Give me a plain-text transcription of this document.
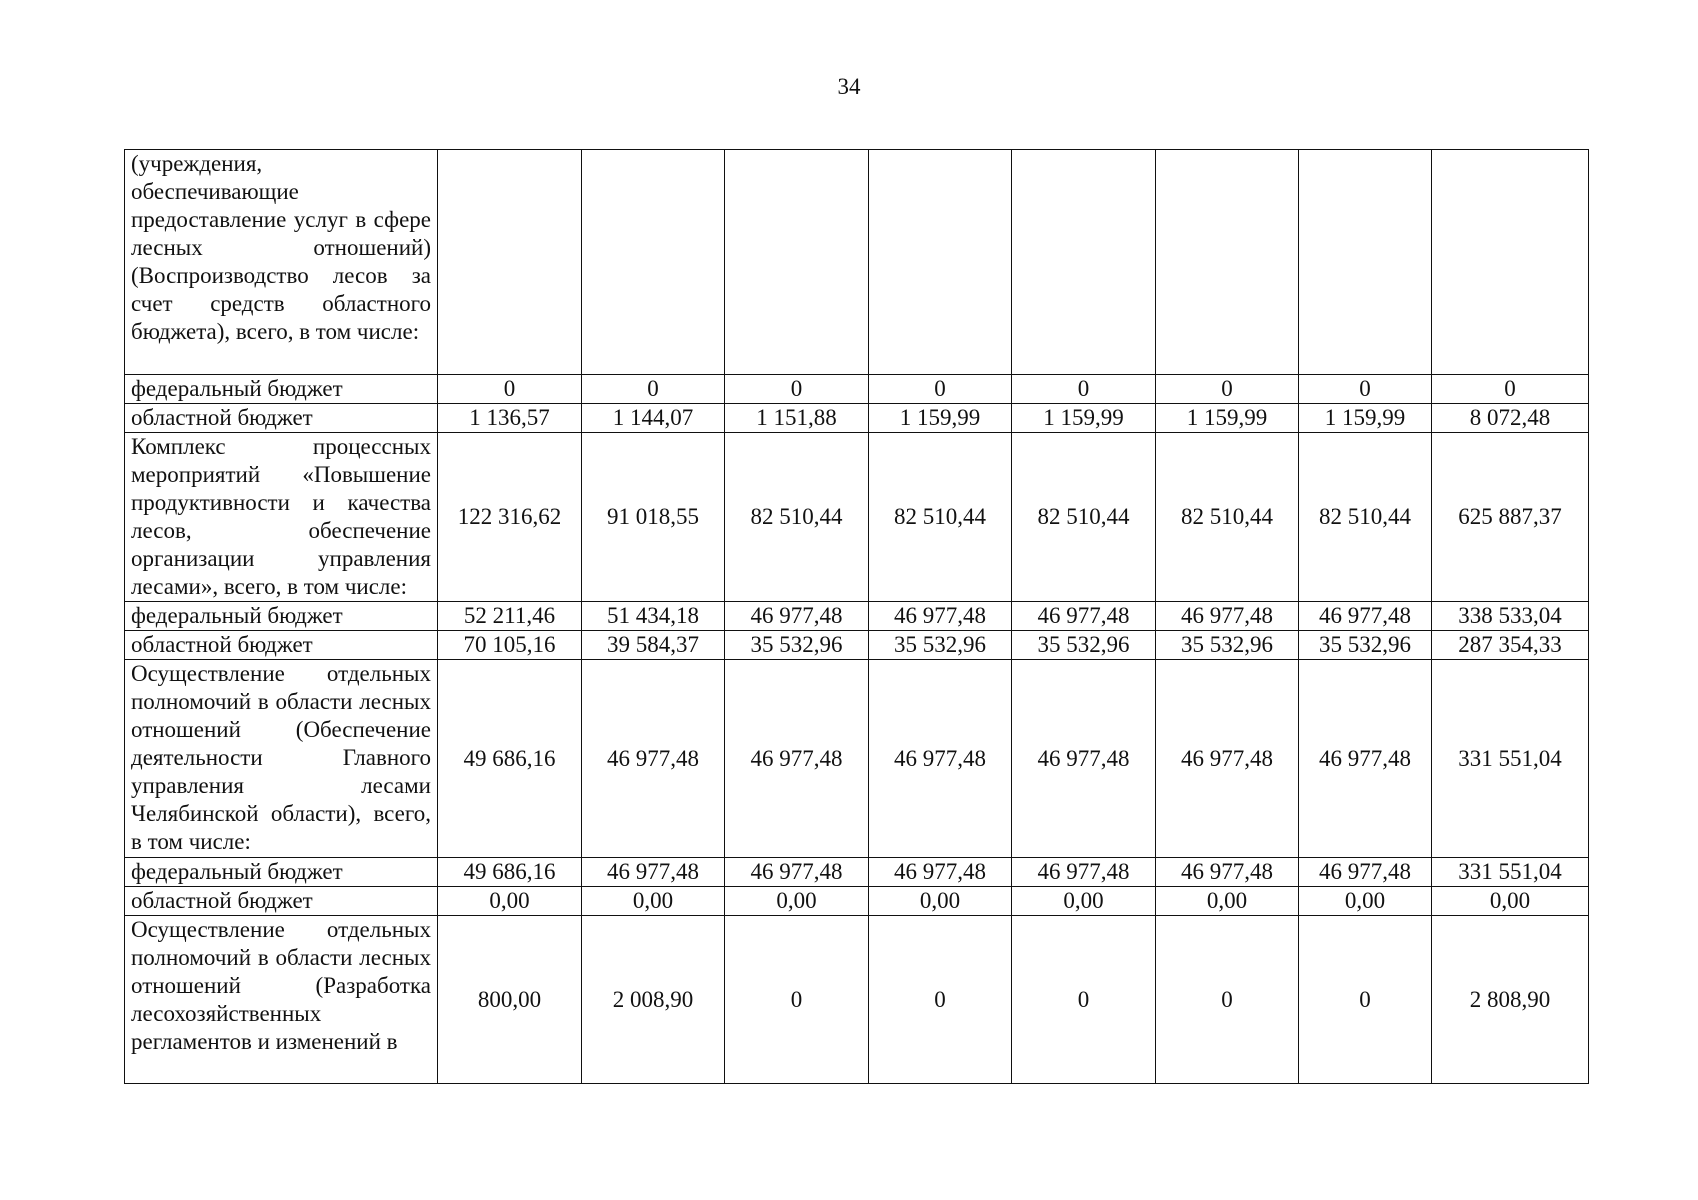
34
(учреждения, обеспечивающие предоставление услуг в сфере лесных отношений) (Воспроизводство лесов за счет средств областного бюджета), всего, в том числе:								
федеральный бюджет	0	0	0	0	0	0	0	0
областной бюджет	1 136,57	1 144,07	1 151,88	1 159,99	1 159,99	1 159,99	1 159,99	8 072,48
Комплекс процессных мероприятий «Повышение продуктивности и качества лесов, обеспечение организации управления лесами», всего, в том числе:	122 316,62	91 018,55	82 510,44	82 510,44	82 510,44	82 510,44	82 510,44	625 887,37
федеральный бюджет	52 211,46	51 434,18	46 977,48	46 977,48	46 977,48	46 977,48	46 977,48	338 533,04
областной бюджет	70 105,16	39 584,37	35 532,96	35 532,96	35 532,96	35 532,96	35 532,96	287 354,33
Осуществление отдельных полномочий в области лесных отношений (Обеспечение деятельности Главного управления лесами Челябинской области), всего, в том числе:	49 686,16	46 977,48	46 977,48	46 977,48	46 977,48	46 977,48	46 977,48	331 551,04
федеральный бюджет	49 686,16	46 977,48	46 977,48	46 977,48	46 977,48	46 977,48	46 977,48	331 551,04
областной бюджет	0,00	0,00	0,00	0,00	0,00	0,00	0,00	0,00
Осуществление отдельных полномочий в области лесных отношений (Разработка лесохозяйственных регламентов и изменений в	800,00	2 008,90	0	0	0	0	0	2 808,90
